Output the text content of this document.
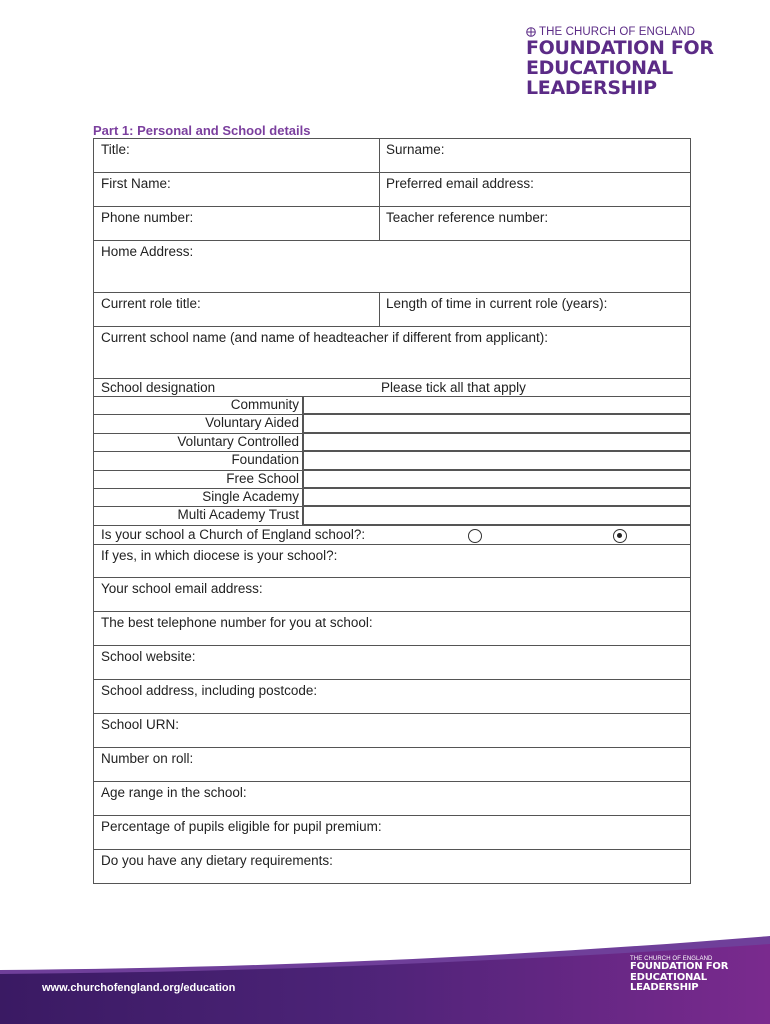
THE CHURCH OF ENGLAND
FOUNDATION FOR
EDUCATIONAL
LEADERSHIP
Part 1: Personal and School details
Title:	Surname:
First Name:	Preferred email address:
Phone number:	Teacher reference number:
Home Address:
Current role title:	Length of time in current role (years):
Current school name (and name of headteacher if different from applicant):
School designation	Please tick all that apply
Community
Voluntary Aided
Voluntary Controlled
Foundation
Free School
Single Academy
Multi Academy Trust
Is your school a Church of England school?:
If yes, in which diocese is your school?:
Your school email address:
The best telephone number for you at school:
School website:
School address, including postcode:
School URN:
Number on roll:
Age range in the school:
Percentage of pupils eligible for pupil premium:
Do you have any dietary requirements:
www.churchofengland.org/education
THE CHURCH OF ENGLAND
FOUNDATION FOR
EDUCATIONAL
LEADERSHIP
